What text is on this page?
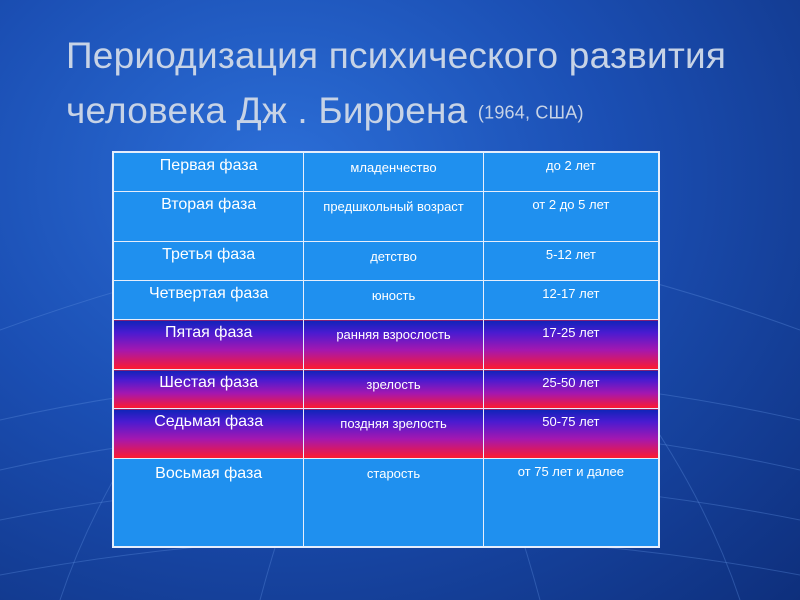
Периодизация психического развития
человека Дж . Биррена (1964, США)
Первая фаза	младенчество	до 2 лет
Вторая фаза	предшкольный возраст	от 2 до 5 лет
Третья фаза	детство	5-12 лет
Четвертая фаза	юность	12-17 лет
Пятая фаза	ранняя взрослость	17-25 лет
Шестая фаза	зрелость	25-50 лет
Седьмая фаза	поздняя зрелость	50-75 лет
Восьмая фаза	старость	от 75 лет и далее
